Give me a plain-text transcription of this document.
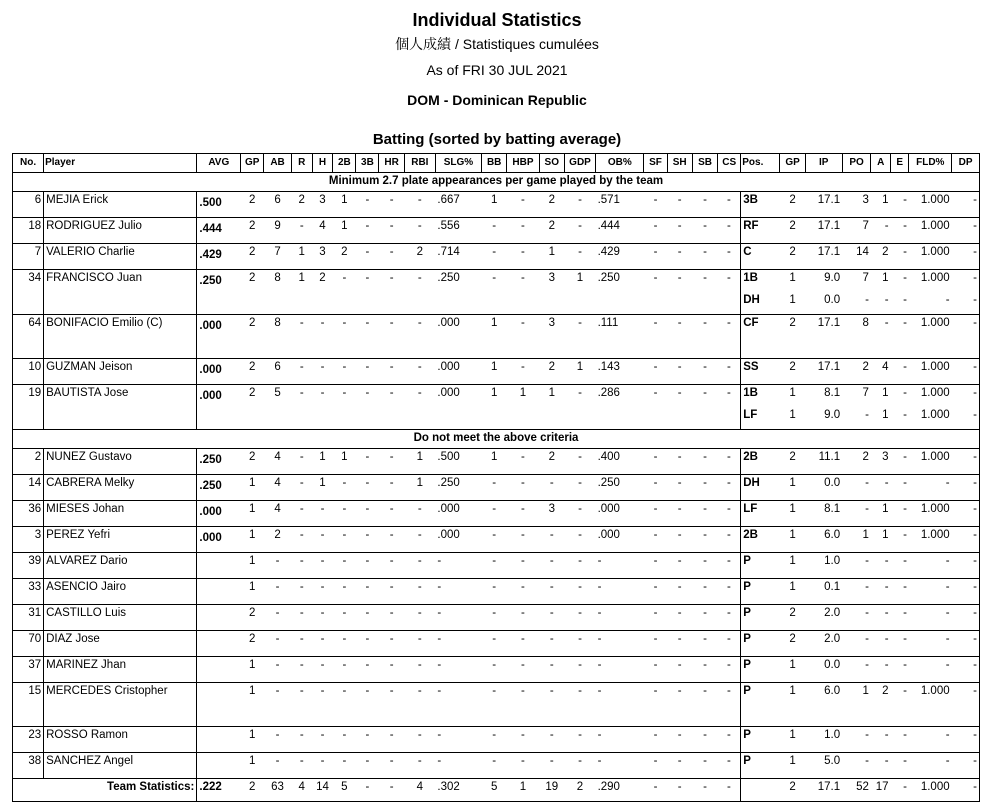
Individual Statistics
個人成績 / Statistiques cumulées
As of FRI 30 JUL 2021
DOM - Dominican Republic
Batting (sorted by batting average)
No.	Player	AVG	GP	AB	R	H	2B	3B	HR	RBI	SLG%	BB	HBP	SO	GDP	OB%	SF	SH	SB	CS	Pos.	GP	IP	PO	A	E	FLD%	DP
Minimum 2.7 plate appearances per game played by the team																												
6	MEJIA Erick	.500	2	6	2	3	1	-	-	-	.667	1	-	2	-	.571	-	-	-	-	3B	2	17.1	3	1	-	1.000	-
18	RODRIGUEZ Julio	.444	2	9	-	4	1	-	-	-	.556	-	-	2	-	.444	-	-	-	-	RF	2	17.1	7	-	-	1.000	-
7	VALERIO Charlie	.429	2	7	1	3	2	-	-	2	.714	-	-	1	-	.429	-	-	-	-	C	2	17.1	14	2	-	1.000	-
34	FRANCISCO Juan	.250	2	8	1	2	-	-	-	-	.250	-	-	3	1	.250	-	-	-	-	1B	1	9.0	7	1	-	1.000	-
																					DH	1	0.0	-	-	-	-	-
64	BONIFACIO Emilio (C)	.000	2	8	-	-	-	-	-	-	.000	1	-	3	-	.111	-	-	-	-	CF	2	17.1	8	-	-	1.000	-
10	GUZMAN Jeison	.000	2	6	-	-	-	-	-	-	.000	1	-	2	1	.143	-	-	-	-	SS	2	17.1	2	4	-	1.000	-
19	BAUTISTA Jose	.000	2	5	-	-	-	-	-	-	.000	1	1	1	-	.286	-	-	-	-	1B	1	8.1	7	1	-	1.000	-
																					LF	1	9.0	-	1	-	1.000	-
Do not meet the above criteria																												
2	NUNEZ Gustavo	.250	2	4	-	1	1	-	-	1	.500	1	-	2	-	.400	-	-	-	-	2B	2	11.1	2	3	-	1.000	-
14	CABRERA Melky	.250	1	4	-	1	-	-	-	1	.250	-	-	-	-	.250	-	-	-	-	DH	1	0.0	-	-	-	-	-
36	MIESES Johan	.000	1	4	-	-	-	-	-	-	.000	-	-	3	-	.000	-	-	-	-	LF	1	8.1	-	1	-	1.000	-
3	PEREZ Yefri	.000	1	2	-	-	-	-	-	-	.000	-	-	-	-	.000	-	-	-	-	2B	1	6.0	1	1	-	1.000	-
39	ALVAREZ Dario		1	-	-	-	-	-	-	-	-	-	-	-	-	-	-	-	-	-	P	1	1.0	-	-	-	-	-
33	ASENCIO Jairo		1	-	-	-	-	-	-	-	-	-	-	-	-	-	-	-	-	-	P	1	0.1	-	-	-	-	-
31	CASTILLO Luis		2	-	-	-	-	-	-	-	-	-	-	-	-	-	-	-	-	-	P	2	2.0	-	-	-	-	-
70	DIAZ Jose		2	-	-	-	-	-	-	-	-	-	-	-	-	-	-	-	-	-	P	2	2.0	-	-	-	-	-
37	MARINEZ Jhan		1	-	-	-	-	-	-	-	-	-	-	-	-	-	-	-	-	-	P	1	0.0	-	-	-	-	-
15	MERCEDES Cristopher		1	-	-	-	-	-	-	-	-	-	-	-	-	-	-	-	-	-	P	1	6.0	1	2	-	1.000	-
23	ROSSO Ramon		1	-	-	-	-	-	-	-	-	-	-	-	-	-	-	-	-	-	P	1	1.0	-	-	-	-	-
38	SANCHEZ Angel		1	-	-	-	-	-	-	-	-	-	-	-	-	-	-	-	-	-	P	1	5.0	-	-	-	-	-
Team Statistics:		.222	2	63	4	14	5	-	-	4	.302	5	1	19	2	.290	-	-	-	-		2	17.1	52	17	-	1.000	-
